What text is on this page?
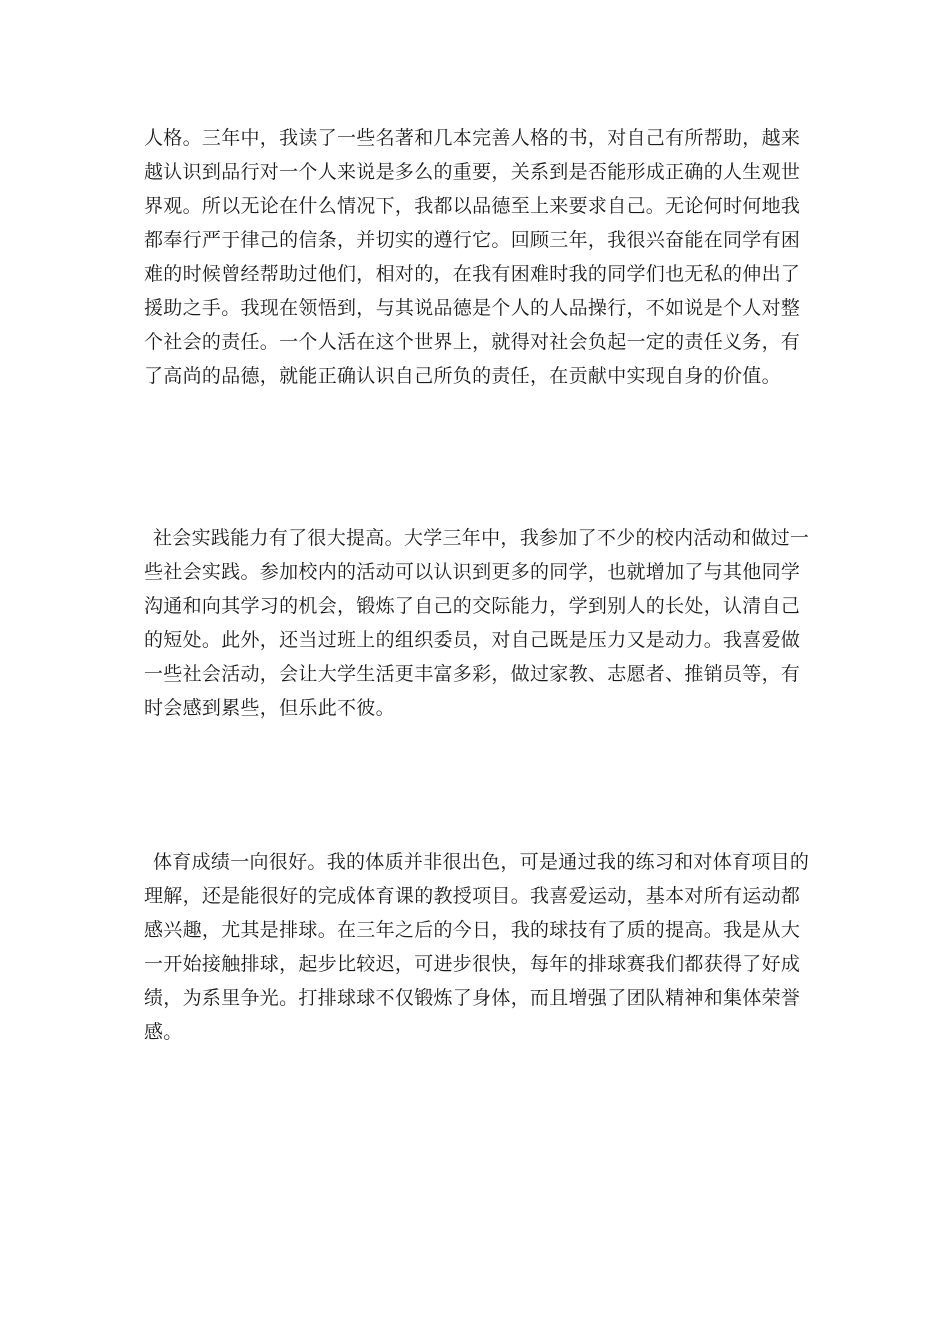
人格。三年中，我读了一些名著和几本完善人格的书，对自己有所帮助，越来
越认识到品行对一个人来说是多么的重要，关系到是否能形成正确的人生观世
界观。所以无论在什么情况下，我都以品德至上来要求自己。无论何时何地我
都奉行严于律己的信条，并切实的遵行它。回顾三年，我很兴奋能在同学有困
难的时候曾经帮助过他们，相对的，在我有困难时我的同学们也无私的伸出了
援助之手。我现在领悟到，与其说品德是个人的人品操行，不如说是个人对整
个社会的责任。一个人活在这个世界上，就得对社会负起一定的责任义务，有
了高尚的品德，就能正确认识自己所负的责任，在贡献中实现自身的价值。
社会实践能力有了很大提高。大学三年中，我参加了不少的校内活动和做过一
些社会实践。参加校内的活动可以认识到更多的同学，也就增加了与其他同学
沟通和向其学习的机会，锻炼了自己的交际能力，学到别人的长处，认清自己
的短处。此外，还当过班上的组织委员，对自己既是压力又是动力。我喜爱做
一些社会活动，会让大学生活更丰富多彩，做过家教、志愿者、推销员等，有
时会感到累些，但乐此不彼。
体育成绩一向很好。我的体质并非很出色，可是通过我的练习和对体育项目的
理解，还是能很好的完成体育课的教授项目。我喜爱运动，基本对所有运动都
感兴趣，尤其是排球。在三年之后的今日，我的球技有了质的提高。我是从大
一开始接触排球，起步比较迟，可进步很快，每年的排球赛我们都获得了好成
绩，为系里争光。打排球球不仅锻炼了身体，而且增强了团队精神和集体荣誉
感。
